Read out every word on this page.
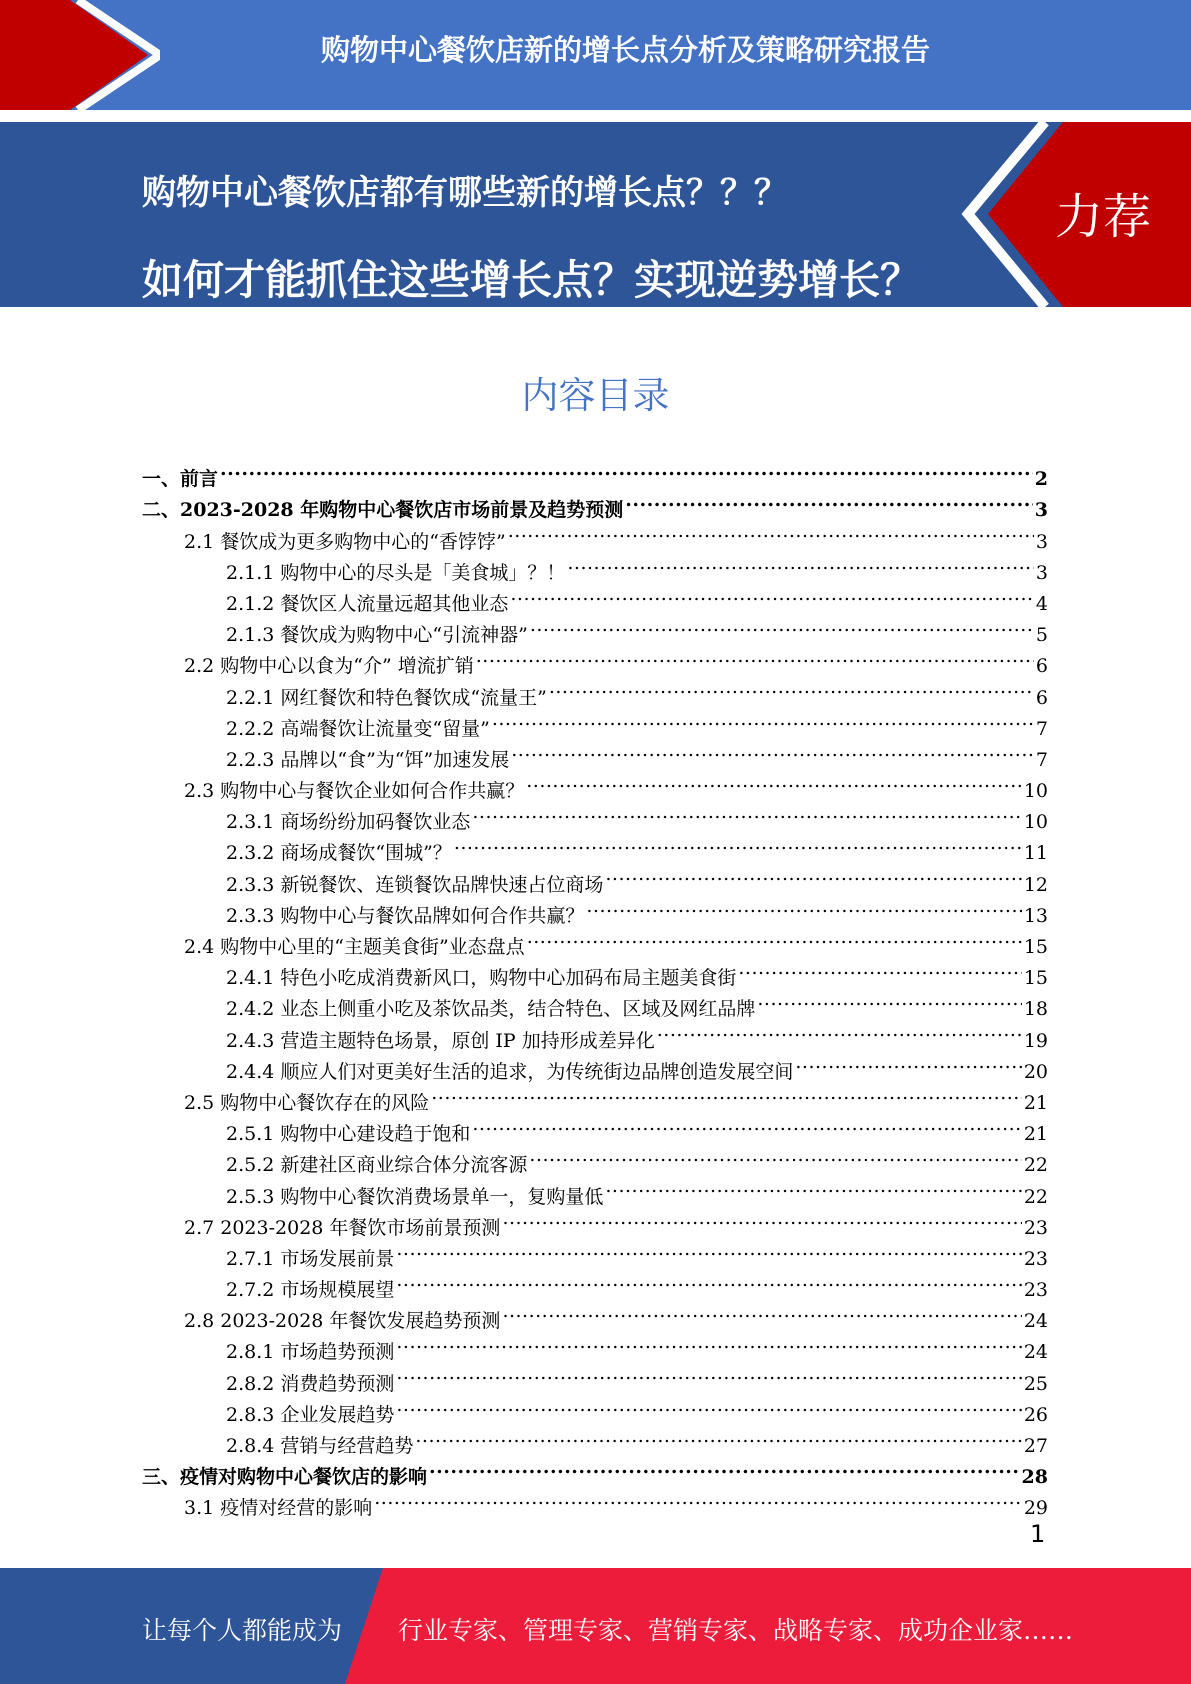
购物中心餐饮店新的增长点分析及策略研究报告
购物中心餐饮店都有哪些新的增长点？？？
如何才能抓住这些增长点？实现逆势增长？
力荐
内容目录
一、前言 .....	2
二、2023-2028 年购物中心餐饮店市场前景及趋势预测 .....	3
2.1 餐饮成为更多购物中心的“香饽饽” .....	3
2.1.1 购物中心的尽头是「美食城」？！ .....	3
2.1.2 餐饮区人流量远超其他业态 .....	4
2.1.3 餐饮成为购物中心“引流神器” .....	5
2.2 购物中心以食为“介” 增流扩销 .....	6
2.2.1 网红餐饮和特色餐饮成“流量王” .....	6
2.2.2 高端餐饮让流量变“留量” .....	7
2.2.3 品牌以“食”为“饵”加速发展 .....	7
2.3 购物中心与餐饮企业如何合作共赢？ .....	10
2.3.1 商场纷纷加码餐饮业态 .....	10
2.3.2 商场成餐饮“围城”？ .....	11
2.3.3 新锐餐饮、连锁餐饮品牌快速占位商场 .....	12
2.3.3 购物中心与餐饮品牌如何合作共赢？ .....	13
2.4 购物中心里的“主题美食街”业态盘点 .....	15
2.4.1 特色小吃成消费新风口，购物中心加码布局主题美食街 .....	15
2.4.2 业态上侧重小吃及茶饮品类，结合特色、区域及网红品牌 .....	18
2.4.3 营造主题特色场景，原创 IP 加持形成差异化 .....	19
2.4.4 顺应人们对更美好生活的追求，为传统街边品牌创造发展空间 .....	20
2.5 购物中心餐饮存在的风险 .....	21
2.5.1 购物中心建设趋于饱和 .....	21
2.5.2 新建社区商业综合体分流客源 .....	22
2.5.3 购物中心餐饮消费场景单一，复购量低 .....	22
2.7 2023-2028 年餐饮市场前景预测 .....	23
2.7.1 市场发展前景 .....	23
2.7.2 市场规模展望 .....	23
2.8 2023-2028 年餐饮发展趋势预测 .....	24
2.8.1 市场趋势预测 .....	24
2.8.2 消费趋势预测 .....	25
2.8.3 企业发展趋势 .....	26
2.8.4 营销与经营趋势 .....	27
三、疫情对购物中心餐饮店的影响 .....	28
3.1 疫情对经营的影响 .....	29
1
让每个人都能成为 行业专家、管理专家、营销专家、战略专家、成功企业家……
